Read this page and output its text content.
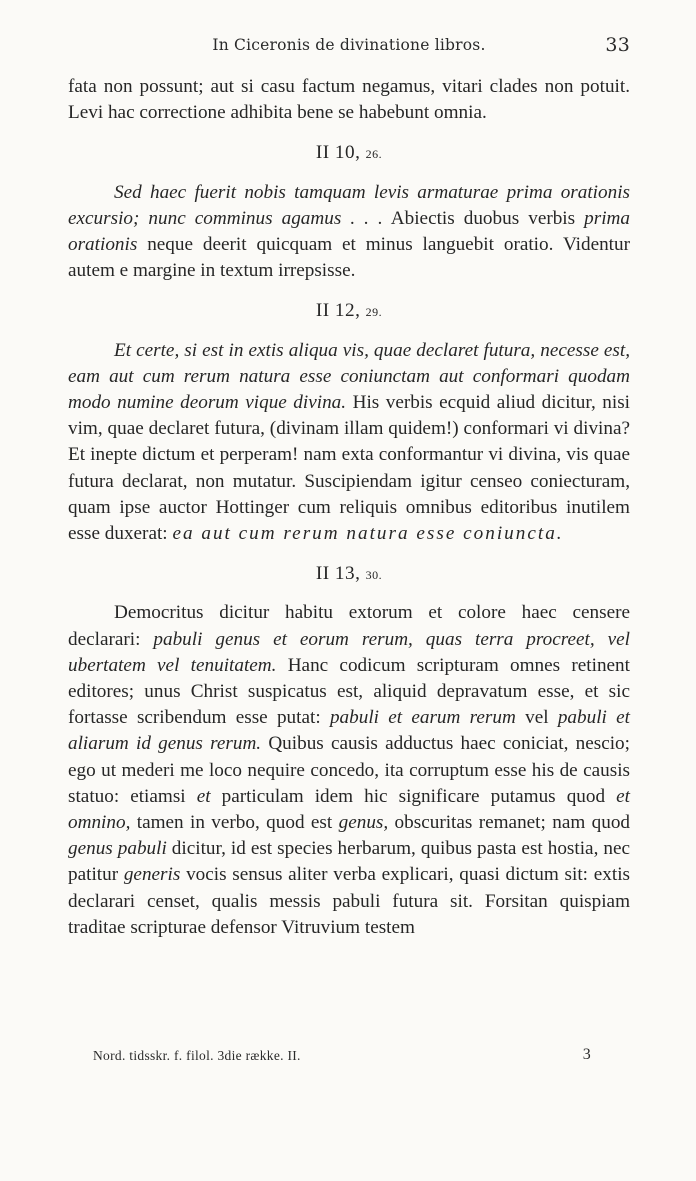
In Ciceronis de divinatione libros.	33

fata non possunt; aut si casu factum negamus, vitari clades non potuit. Levi hac correctione adhibita bene se habebunt omnia.

II 10, 26.

Sed haec fuerit nobis tamquam levis armaturae prima orationis excursio; nunc comminus agamus . . . Abiectis duobus verbis prima orationis neque deerit quicquam et minus languebit oratio. Videntur autem e margine in textum irrepsisse.

II 12, 29.

Et certe, si est in extis aliqua vis, quae declaret futura, necesse est, eam aut cum rerum natura esse coniunctam aut conformari quodam modo numine deorum vique divina. His verbis ecquid aliud dicitur, nisi vim, quae declaret futura, (divinam illam quidem!) conformari vi divina? Et inepte dictum et perperam! nam exta conformantur vi divina, vis quae futura declarat, non mutatur. Suscipiendam igitur censeo coniecturam, quam ipse auctor Hottinger cum reliquis omnibus editoribus inutilem esse duxerat: ea aut cum rerum natura esse coniuncta.

II 13, 30.

Democritus dicitur habitu extorum et colore haec censere declarari: pabuli genus et eorum rerum, quas terra procreet, vel ubertatem vel tenuitatem. Hanc codicum scripturam omnes retinent editores; unus Christ suspicatus est, aliquid depravatum esse, et sic fortasse scribendum esse putat: pabuli et earum rerum vel pabuli et aliarum id genus rerum. Quibus causis adductus haec coniciat, nescio; ego ut mederi me loco nequire concedo, ita corruptum esse his de causis statuo: etiamsi et particulam idem hic significare putamus quod et omnino, tamen in verbo, quod est genus, obscuritas remanet; nam quod genus pabuli dicitur, id est species herbarum, quibus pasta est hostia, nec patitur generis vocis sensus aliter verba explicari, quasi dictum sit: extis declarari censet, qualis messis pabuli futura sit. Forsitan quispiam traditae scripturae defensor Vitruvium testem

Nord. tidsskr. f. filol. 3die række. II.	3
